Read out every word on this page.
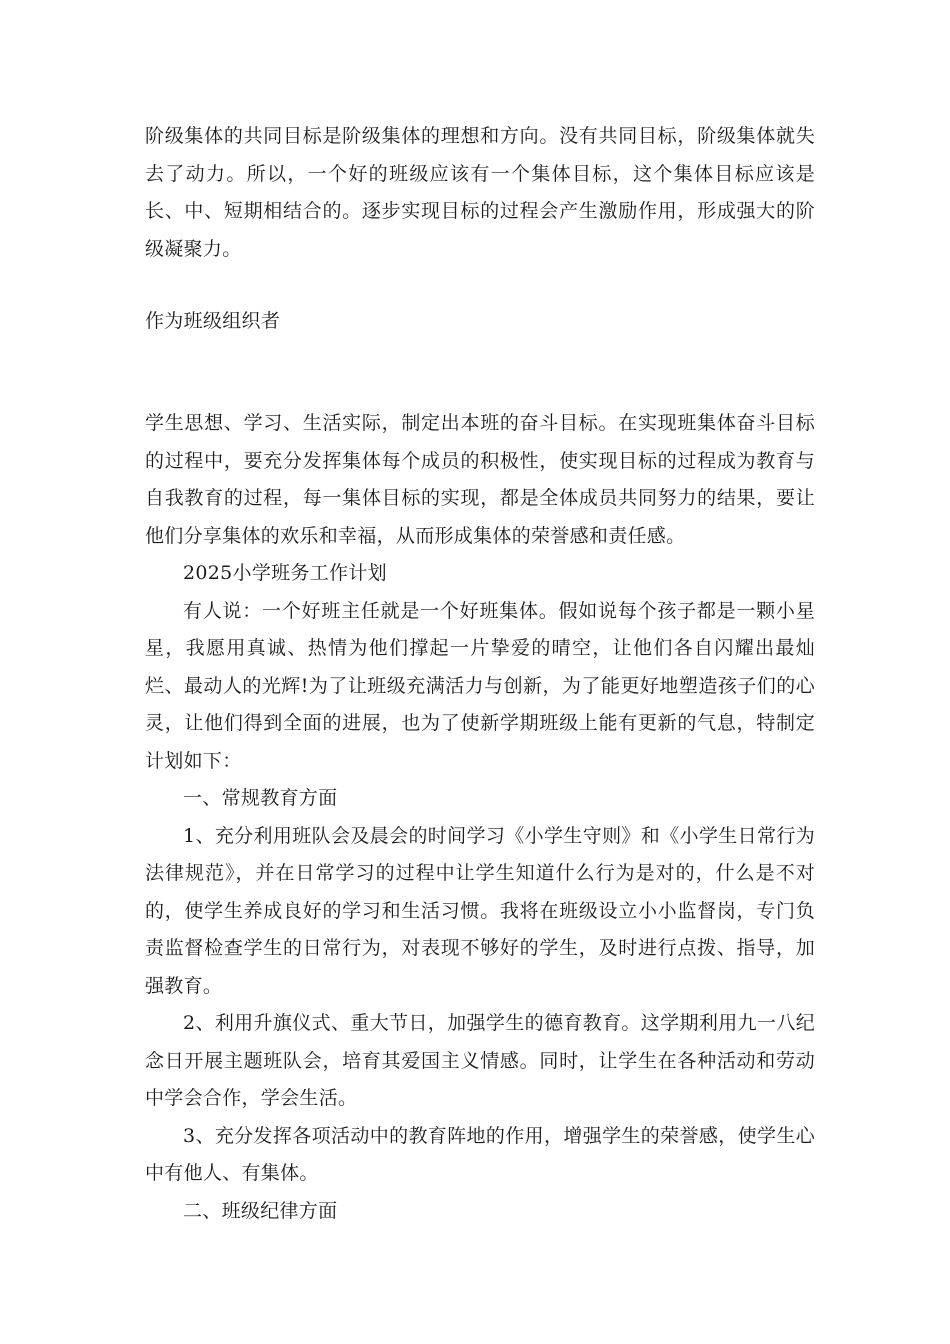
阶级集体的共同目标是阶级集体的理想和方向。没有共同目标，阶级集体就失去了动力。所以，一个好的班级应该有一个集体目标，这个集体目标应该是长、中、短期相结合的。逐步实现目标的过程会产生激励作用，形成强大的阶级凝聚力。

作为班级组织者

学生思想、学习、生活实际，制定出本班的奋斗目标。在实现班集体奋斗目标的过程中，要充分发挥集体每个成员的积极性，使实现目标的过程成为教育与自我教育的过程，每一集体目标的实现，都是全体成员共同努力的结果，要让他们分享集体的欢乐和幸福，从而形成集体的荣誉感和责任感。

2025小学班务工作计划

有人说：一个好班主任就是一个好班集体。假如说每个孩子都是一颗小星星，我愿用真诚、热情为他们撑起一片挚爱的晴空，让他们各自闪耀出最灿烂、最动人的光辉!为了让班级充满活力与创新，为了能更好地塑造孩子们的心灵，让他们得到全面的进展，也为了使新学期班级上能有更新的气息，特制定计划如下：

一、常规教育方面

1、充分利用班队会及晨会的时间学习《小学生守则》和《小学生日常行为法律规范》，并在日常学习的过程中让学生知道什么行为是对的，什么是不对的，使学生养成良好的学习和生活习惯。我将在班级设立小小监督岗，专门负责监督检查学生的日常行为，对表现不够好的学生，及时进行点拨、指导，加强教育。

2、利用升旗仪式、重大节日，加强学生的德育教育。这学期利用九一八纪念日开展主题班队会，培育其爱国主义情感。同时，让学生在各种活动和劳动中学会合作，学会生活。

3、充分发挥各项活动中的教育阵地的作用，增强学生的荣誉感，使学生心中有他人、有集体。

二、班级纪律方面
